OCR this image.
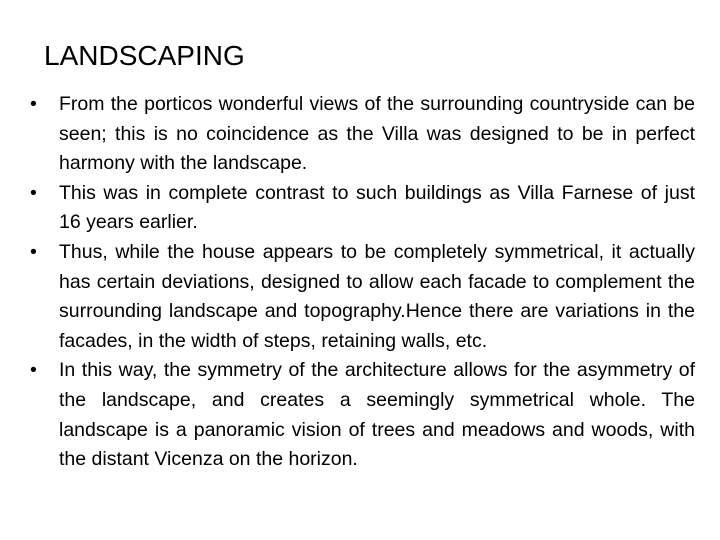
LANDSCAPING
•	From the porticos wonderful views of the surrounding countryside can be seen; this is no coincidence as the Villa was designed to be in perfect harmony with the landscape.
•	This was in complete contrast to such buildings as Villa Farnese of just 16 years earlier.
•	Thus, while the house appears to be completely symmetrical, it actually has certain deviations, designed to allow each facade to complement the surrounding landscape and topography.Hence there are variations in the facades, in the width of steps, retaining walls, etc.
•	In this way, the symmetry of the architecture allows for the asymmetry of the landscape, and creates a seemingly symmetrical whole. The landscape is a panoramic vision of trees and meadows and woods, with the distant Vicenza on the horizon.
